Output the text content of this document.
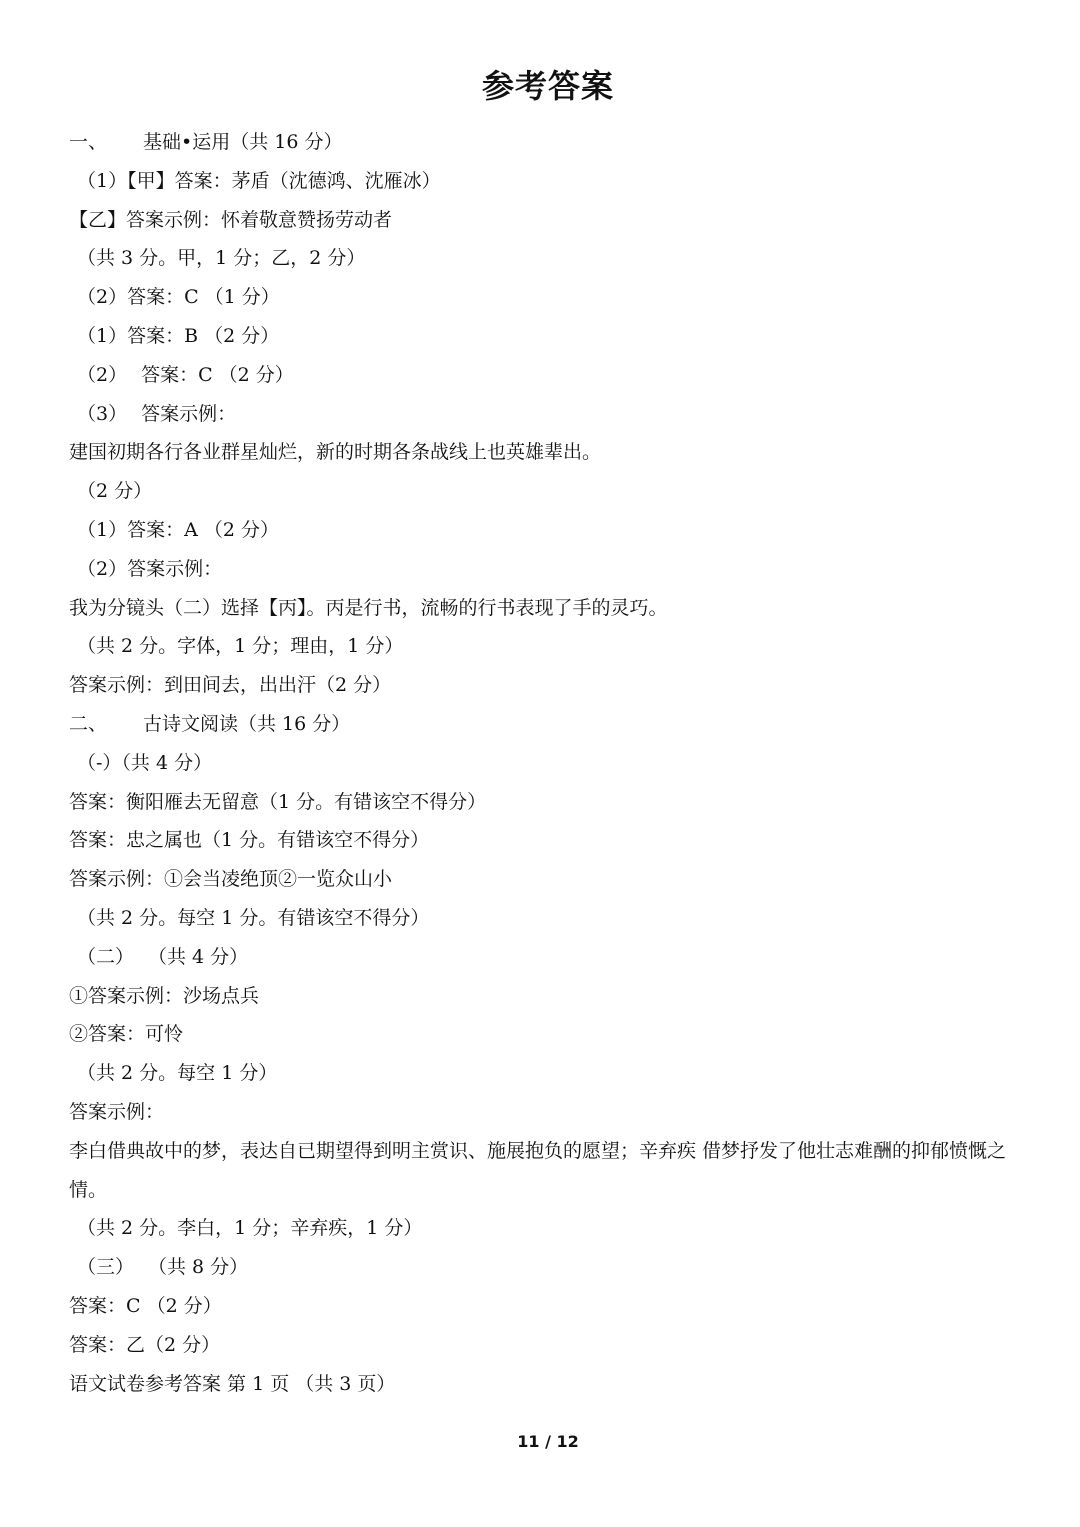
参考答案
一、 基础•运用（共 16 分）
（1）【甲】答案：茅盾（沈德鸿、沈雁冰）
【乙】答案示例：怀着敬意赞扬劳动者
（共 3 分。甲，1 分；乙，2 分）
（2）答案：C （1 分）
（1）答案：B （2 分）
（2） 答案：C （2 分）
（3） 答案示例：
建国初期各行各业群星灿烂，新的时期各条战线上也英雄辈出。
（2 分）
（1）答案：A （2 分）
（2）答案示例：
我为分镜头（二）选择【丙】。丙是行书，流畅的行书表现了手的灵巧。
（共 2 分。字体，1 分；理由，1 分）
答案示例：到田间去，出出汗（2 分）
二、 古诗文阅读（共 16 分）
（-）（共 4 分）
答案：衡阳雁去无留意（1 分。有错该空不得分）
答案：忠之属也（1 分。有错该空不得分）
答案示例：①会当凌绝顶②一览众山小
（共 2 分。每空 1 分。有错该空不得分）
（二） （共 4 分）
①答案示例：沙场点兵
②答案：可怜
（共 2 分。每空 1 分）
答案示例：
李白借典故中的梦，表达自已期望得到明主赏识、施展抱负的愿望；辛弃疾 借梦抒发了他壮志难酬的抑郁愤慨之情。
（共 2 分。李白，1 分；辛弃疾，1 分）
（三） （共 8 分）
答案：C （2 分）
答案：乙（2 分）
语文试卷参考答案 第 1 页 （共 3 页）
11 / 12
